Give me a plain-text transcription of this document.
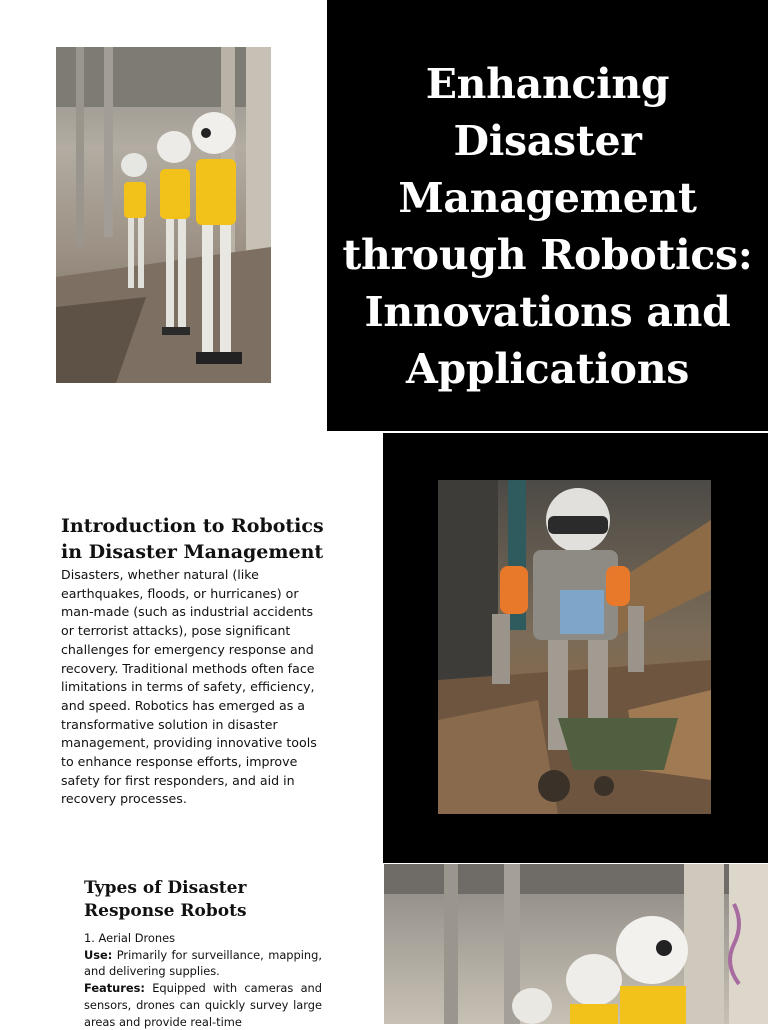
Enhancing Disaster Management through Robotics: Innovations and Applications
Introduction to Robotics in Disaster Management

Disasters, whether natural (like earthquakes, floods, or hurricanes) or man-made (such as industrial accidents or terrorist attacks), pose significant challenges for emergency response and recovery. Traditional methods often face limitations in terms of safety, efficiency, and speed. Robotics has emerged as a transformative solution in disaster management, providing innovative tools to enhance response efforts, improve safety for first responders, and aid in recovery processes.

Types of Disaster Response Robots

1. Aerial Drones

Use: Primarily for surveillance, mapping, and delivering supplies.

Features: Equipped with cameras and sensors, drones can quickly survey large areas and provide real-time
